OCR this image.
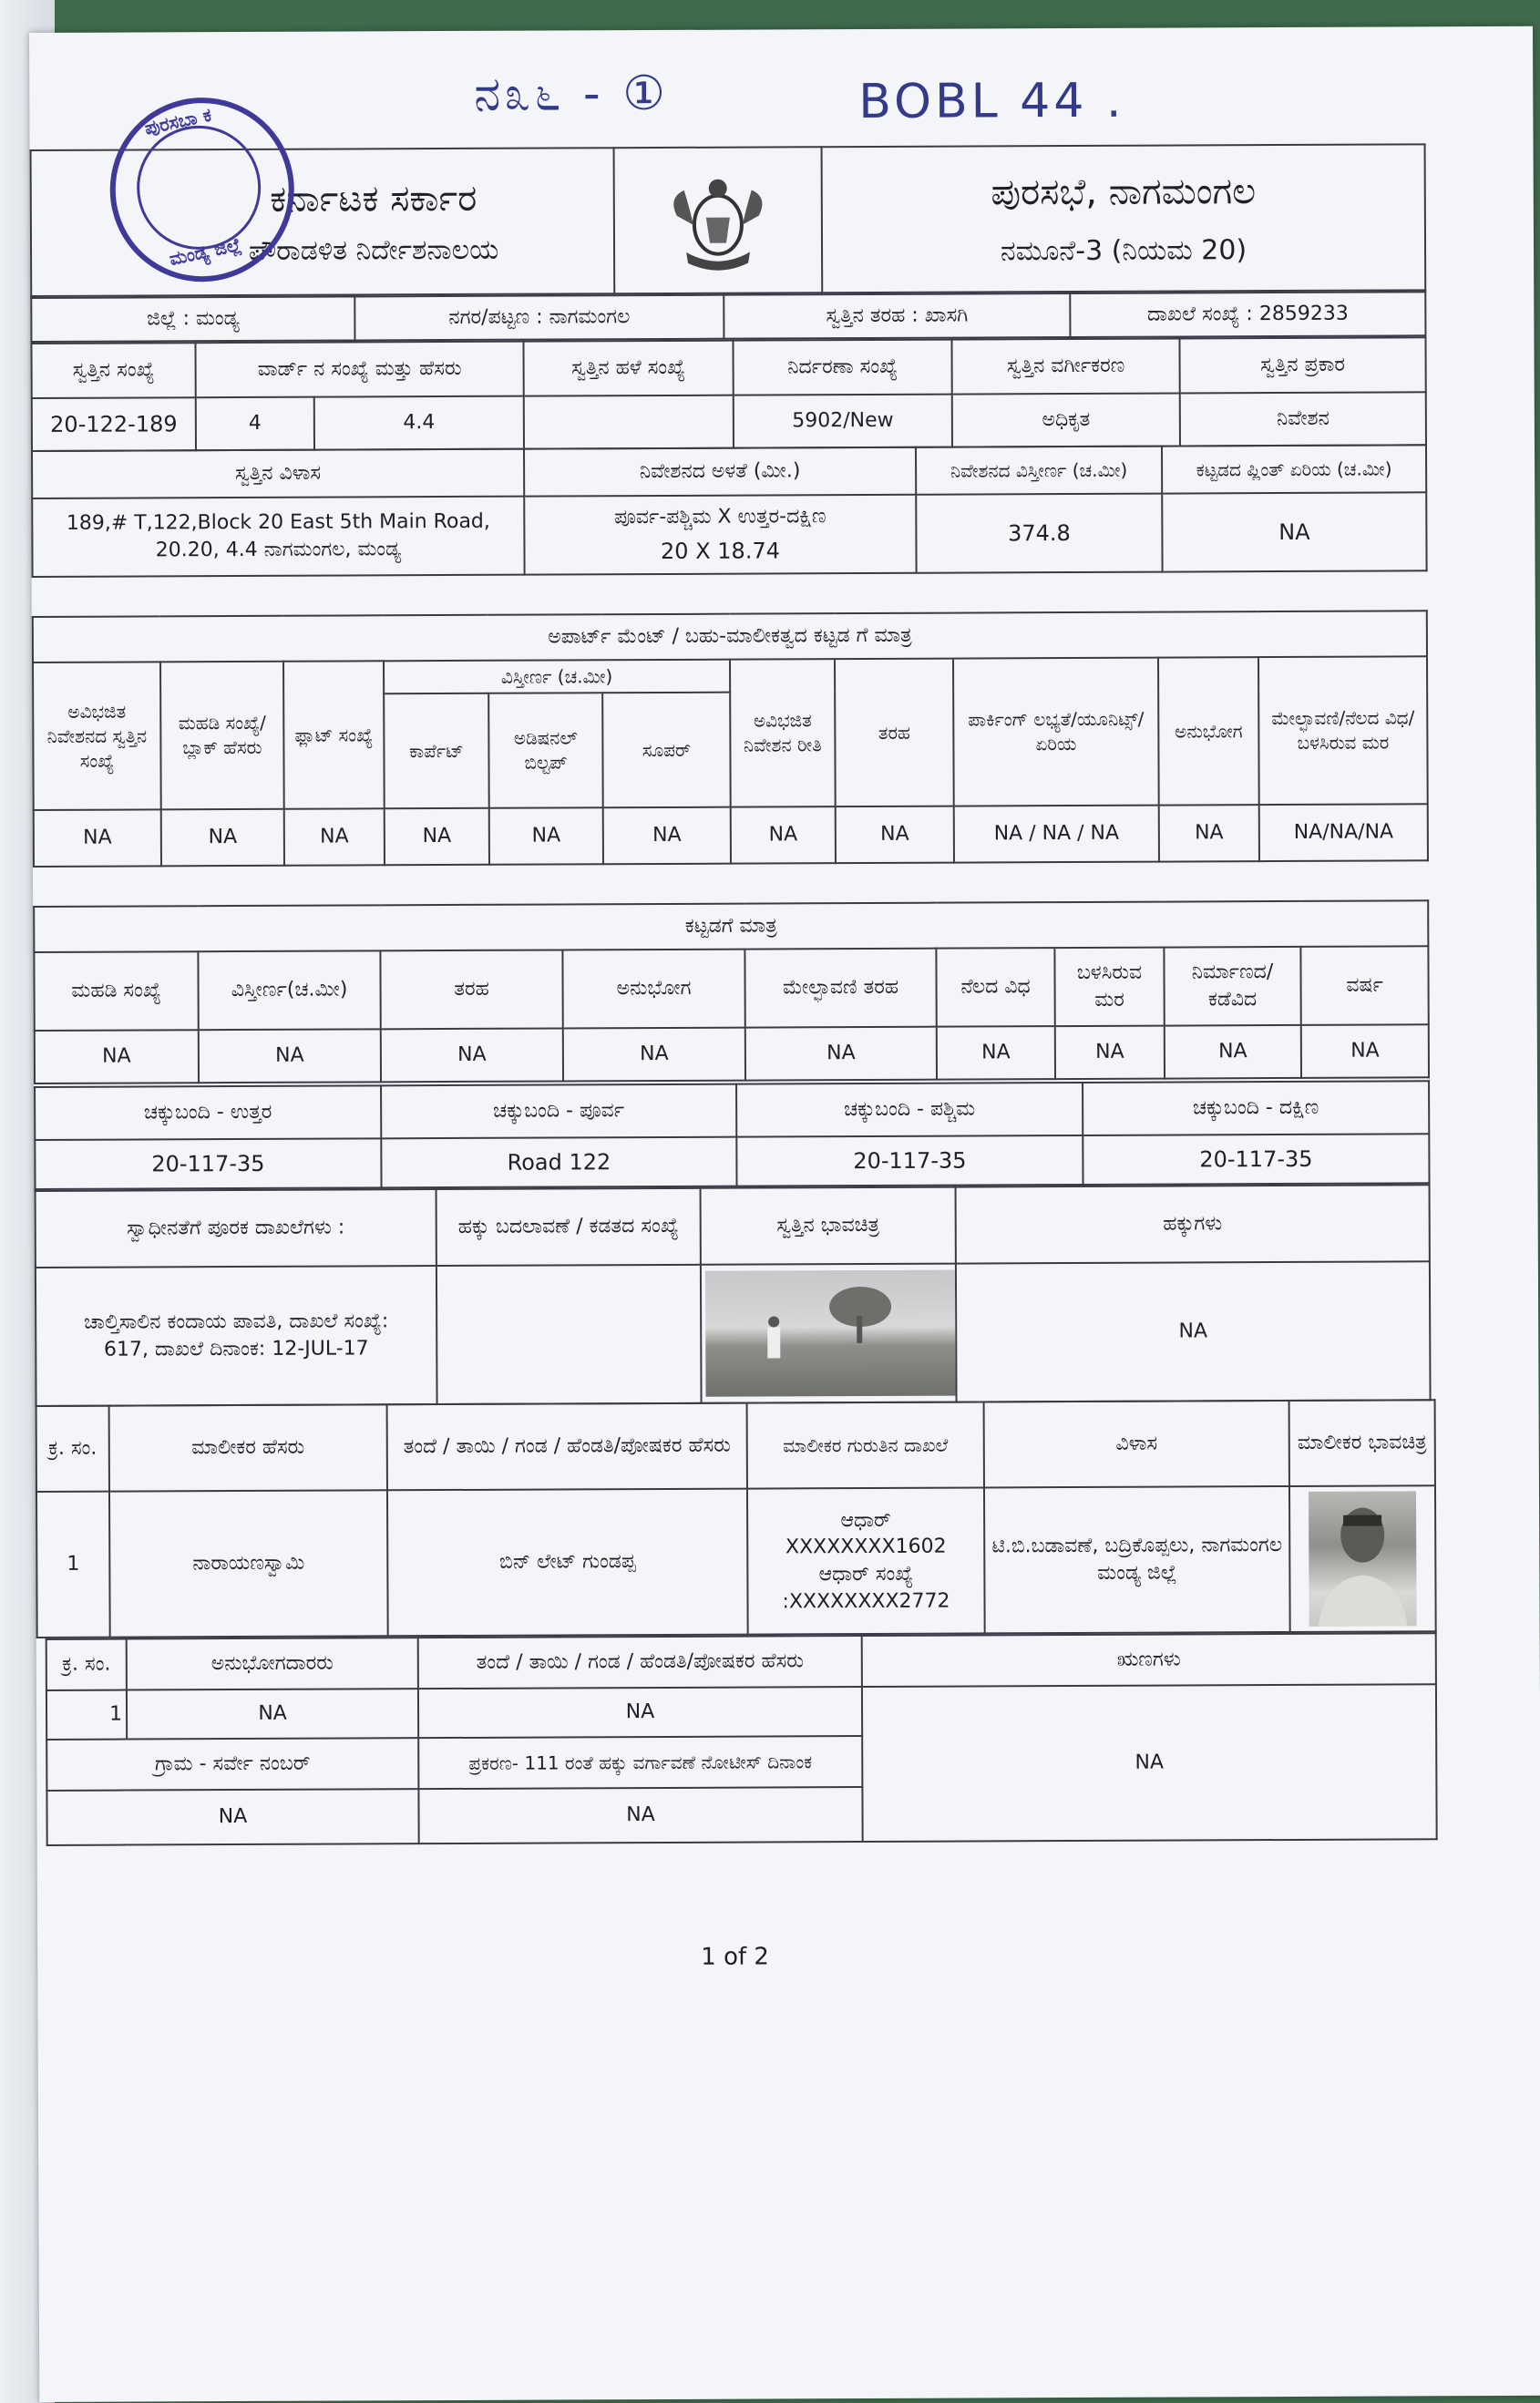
ನ೩೬ - ①	BOBL 44 .
ಕರ್ನಾಟಕ ಸರ್ಕಾರ
ಪೌರಾಡಳಿತ ನಿರ್ದೇಶನಾಲಯ

ಪುರಸಭೆ, ನಾಗಮಂಗಲ
ನಮೂನೆ-3 (ನಿಯಮ 20)
ಪುರಸಭಾ ಕ
ಮಂಡ್ಯ ಜಿಲ್ಲೆ
ಜಿಲ್ಲೆ : ಮಂಡ್ಯ	ನಗರ/ಪಟ್ಟಣ : ನಾಗಮಂಗಲ	ಸ್ವತ್ತಿನ ತರಹ : ಖಾಸಗಿ	ದಾಖಲೆ ಸಂಖ್ಯೆ : 2859233
ಸ್ವತ್ತಿನ ಸಂಖ್ಯೆ	ವಾರ್ಡ್ ನ ಸಂಖ್ಯೆ ಮತ್ತು ಹೆಸರು		ಸ್ವತ್ತಿನ ಹಳೆ ಸಂಖ್ಯೆ	ನಿರ್ದರಣಾ ಸಂಖ್ಯೆ	ಸ್ವತ್ತಿನ ವರ್ಗೀಕರಣ	ಸ್ವತ್ತಿನ ಪ್ರಕಾರ
20-122-189	4	4.4		5902/New	ಅಧಿಕೃತ	ನಿವೇಶನ
ಸ್ವತ್ತಿನ ವಿಳಾಸ	ನಿವೇಶನದ ಅಳತೆ (ಮೀ.)	ನಿವೇಶನದ ವಿಸ್ತೀರ್ಣ (ಚ.ಮೀ)	ಕಟ್ಟಡದ ಪ್ಲಿಂತ್ ಏರಿಯ (ಚ.ಮೀ)
189,# T,122,Block 20 East 5th Main Road, 20.20, 4.4 ನಾಗಮಂಗಲ, ಮಂಡ್ಯ	ಪೂರ್ವ-ಪಶ್ಚಿಮ X ಉತ್ತರ-ದಕ್ಷಿಣ
20 X 18.74	374.8	NA
ಅಪಾರ್ಟ್ ಮೆಂಟ್ / ಬಹು-ಮಾಲೀಕತ್ವದ ಕಟ್ಟಡ ಗೆ ಮಾತ್ರ										
ಅವಿಭಜಿತ ನಿವೇಶನದ ಸ್ವತ್ತಿನ ಸಂಖ್ಯೆ	ಮಹಡಿ ಸಂಖ್ಯೆ/ಬ್ಲಾಕ್ ಹೆಸರು	ಫ್ಲಾಟ್ ಸಂಖ್ಯೆ	ವಿಸ್ತೀರ್ಣ (ಚ.ಮೀ)			ಅವಿಭಜಿತ ನಿವೇಶನ ರೀತಿ	ತರಹ	ಪಾರ್ಕಿಂಗ್ ಲಭ್ಯತೆ/ಯೂನಿಟ್ಸ್/ಏರಿಯ	ಅನುಭೋಗ	ಮೇಲ್ಛಾವಣಿ/ನೆಲದ ವಿಧ/ಬಳಸಿರುವ ಮರ
			ಕಾರ್ಪೆಟ್	ಅಡಿಷನಲ್ ಬಿಲ್ಟಪ್	ಸೂಪರ್					
NA	NA	NA	NA	NA	NA	NA	NA	NA / NA / NA	NA	NA/NA/NA
ಕಟ್ಟಡಗೆ ಮಾತ್ರ								
ಮಹಡಿ ಸಂಖ್ಯೆ	ವಿಸ್ತೀರ್ಣ(ಚ.ಮೀ)	ತರಹ	ಅನುಭೋಗ	ಮೇಲ್ಛಾವಣಿ ತರಹ	ನೆಲದ ವಿಧ	ಬಳಸಿರುವ ಮರ	ನಿರ್ಮಾಣದ/ ಕಡೆವಿದ	ವರ್ಷ
NA	NA	NA	NA	NA	NA	NA	NA	NA
ಚಕ್ಕುಬಂದಿ - ಉತ್ತರ	ಚಕ್ಕುಬಂದಿ - ಪೂರ್ವ	ಚಕ್ಕುಬಂದಿ - ಪಶ್ಚಿಮ	ಚಕ್ಕುಬಂದಿ - ದಕ್ಷಿಣ
20-117-35	Road 122	20-117-35	20-117-35
ಸ್ವಾಧೀನತೆಗೆ ಪೂರಕ ದಾಖಲೆಗಳು :	ಹಕ್ಕು ಬದಲಾವಣೆ / ಕಡತದ ಸಂಖ್ಯೆ	ಸ್ವತ್ತಿನ ಭಾವಚಿತ್ರ	ಹಕ್ಕುಗಳು

ಚಾಲ್ತಿಸಾಲಿನ ಕಂದಾಯ ಪಾವತಿ, ದಾಖಲೆ ಸಂಖ್ಯೆ:
617, ದಾಖಲೆ ದಿನಾಂಕ: 12-JUL-17			NA
ಕ್ರ. ಸಂ.	ಮಾಲೀಕರ ಹೆಸರು	ತಂದೆ / ತಾಯಿ / ಗಂಡ / ಹೆಂಡತಿ/ಪೋಷಕರ ಹೆಸರು	ಮಾಲೀಕರ ಗುರುತಿನ ದಾಖಲೆ	ವಿಳಾಸ	ಮಾಲೀಕರ ಭಾವಚಿತ್ರ
1	ನಾರಾಯಣಸ್ವಾಮಿ	ಬಿನ್ ಲೇಟ್ ಗುಂಡಪ್ಪ	ಆಧಾರ್
XXXXXXXX1602
ಆಧಾರ್ ಸಂಖ್ಯೆ
:XXXXXXXX2772	ಟಿ.ಬಿ.ಬಡಾವಣೆ, ಬದ್ರಿಕೊಪ್ಪಲು, ನಾಗಮಂಗಲ ಮಂಡ್ಯ ಜಿಲ್ಲೆ	
ಕ್ರ. ಸಂ.	ಅನುಭೋಗದಾರರು	ತಂದೆ / ತಾಯಿ / ಗಂಡ / ಹೆಂಡತಿ/ಪೋಷಕರ ಹೆಸರು	ಋಣಗಳು
1	NA	NA	NA
ಗ್ರಾಮ - ಸರ್ವೇ ನಂಬರ್		ಪ್ರಕರಣ- 111 ರಂತೆ ಹಕ್ಕು ವರ್ಗಾವಣೆ ನೋಟೀಸ್ ದಿನಾಂಕ	
NA		NA	
1 of 2
